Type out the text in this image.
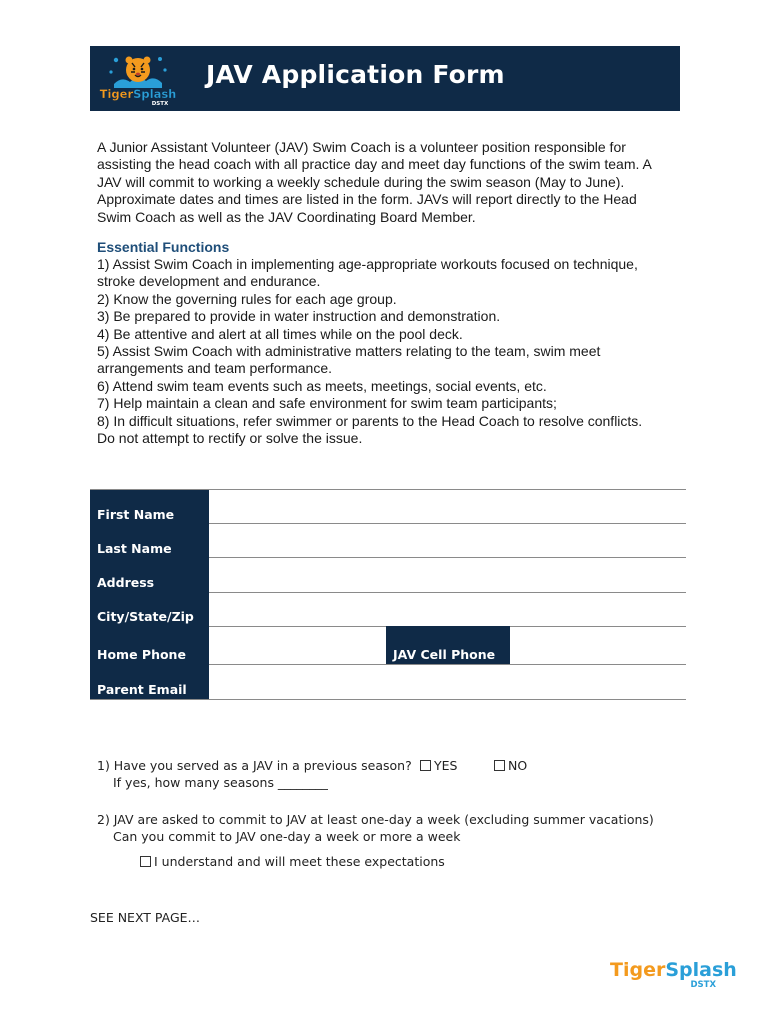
TigerSplash
DSTX
JAV Application Form
A Junior Assistant Volunteer (JAV) Swim Coach is a volunteer position responsible for
assisting the head coach with all practice day and meet day functions of the swim team. A
JAV will commit to working a weekly schedule during the swim season (May to June).
Approximate dates and times are listed in the form. JAVs will report directly to the Head
Swim Coach as well as the JAV Coordinating Board Member.
Essential Functions
1) Assist Swim Coach in implementing age-appropriate workouts focused on technique,
stroke development and endurance.
2) Know the governing rules for each age group.
3) Be prepared to provide in water instruction and demonstration.
4) Be attentive and alert at all times while on the pool deck.
5) Assist Swim Coach with administrative matters relating to the team, swim meet
arrangements and team performance.
6) Attend swim team events such as meets, meetings, social events, etc.
7) Help maintain a clean and safe environment for swim team participants;
8) In difficult situations, refer swimmer or parents to the Head Coach to resolve conflicts.
Do not attempt to rectify or solve the issue.
First Name
Last Name
Address
City/State/Zip
Home Phone	JAV Cell Phone
Parent Email
1) Have you served as a JAV in a previous season?
If yes, how many seasons ________
YES	NO
2) JAV are asked to commit to JAV at least one-day a week (excluding summer vacations)
Can you commit to JAV one-day a week or more a week
I understand and will meet these expectations
SEE NEXT PAGE…
TigerSplash
DSTX
